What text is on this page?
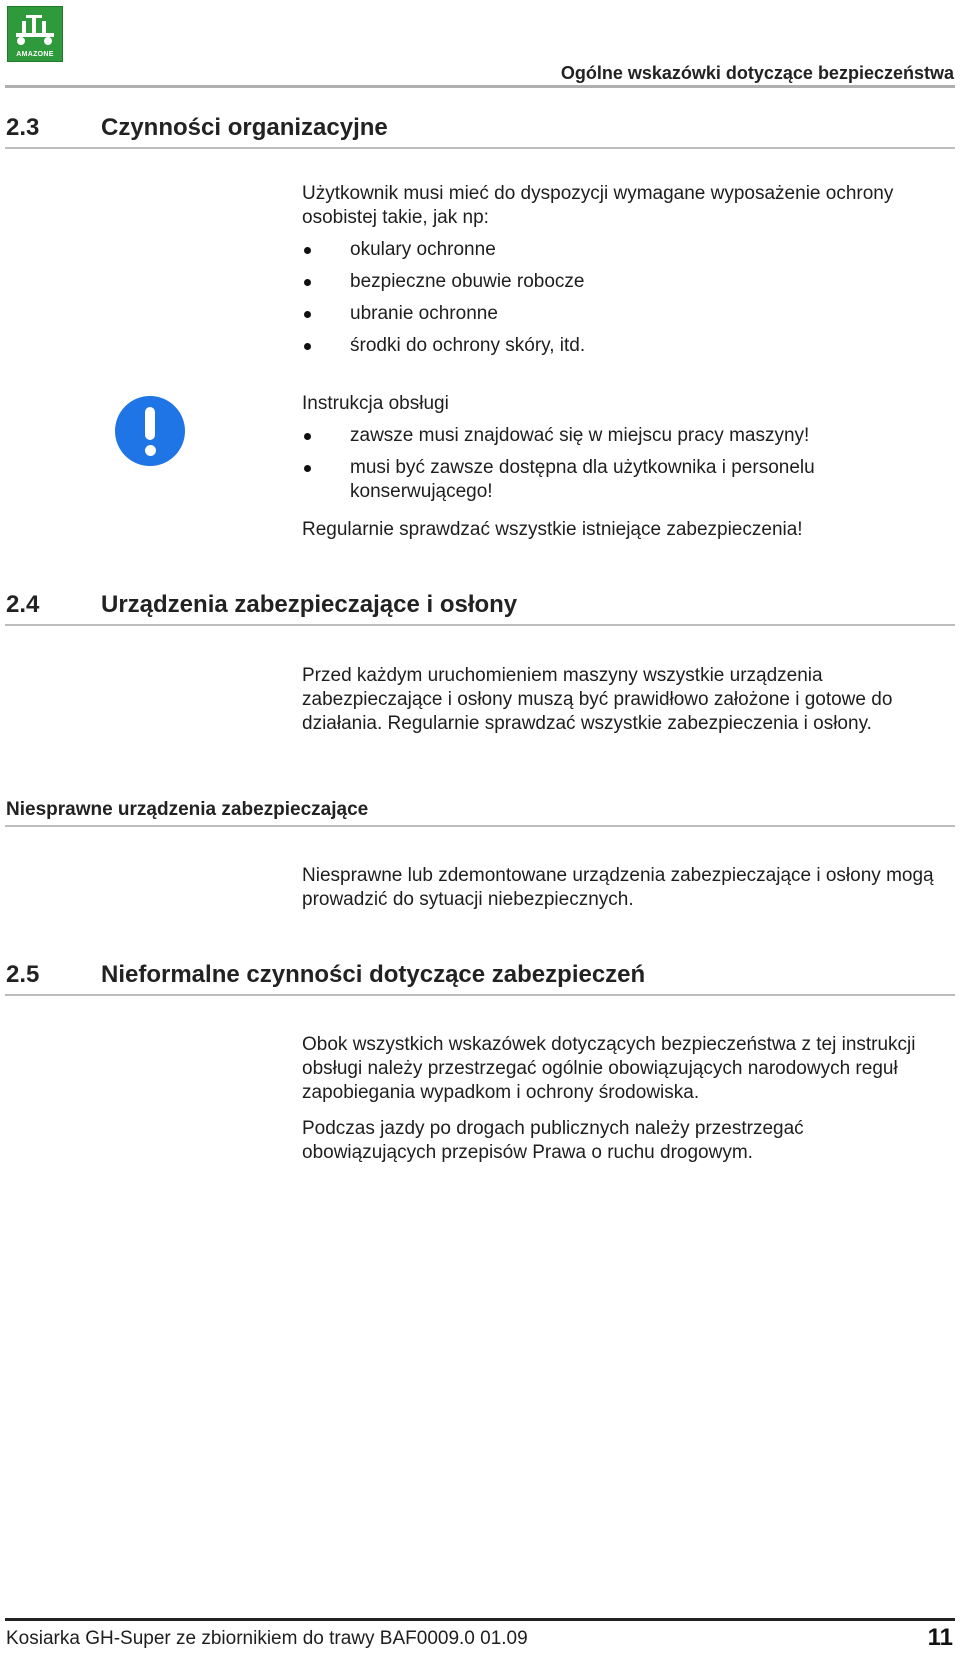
AMAZONE
Ogólne wskazówki dotyczące bezpieczeństwa
2.3	Czynności organizacyjne
Użytkownik musi mieć do dyspozycji wymagane wyposażenie ochrony osobistej takie, jak np:
okulary ochronne
bezpieczne obuwie robocze
ubranie ochronne
środki do ochrony skóry, itd.
Instrukcja obsługi
zawsze musi znajdować się w miejscu pracy maszyny!
musi być zawsze dostępna dla użytkownika i personelu konserwującego!
Regularnie sprawdzać wszystkie istniejące zabezpieczenia!
2.4	Urządzenia zabezpieczające i osłony
Przed każdym uruchomieniem maszyny wszystkie urządzenia zabezpieczające i osłony muszą być prawidłowo założone i gotowe do działania. Regularnie sprawdzać wszystkie zabezpieczenia i osłony.
Niesprawne urządzenia zabezpieczające
Niesprawne lub zdemontowane urządzenia zabezpieczające i osłony mogą prowadzić do sytuacji niebezpiecznych.
2.5	Nieformalne czynności dotyczące zabezpieczeń
Obok wszystkich wskazówek dotyczących bezpieczeństwa z tej instrukcji obsługi należy przestrzegać ogólnie obowiązujących narodowych reguł zapobiegania wypadkom i ochrony środowiska.
Podczas jazdy po drogach publicznych należy przestrzegać obowiązujących przepisów Prawa o ruchu drogowym.
Kosiarka GH-Super ze zbiornikiem do trawy BAF0009.0 01.09	11
